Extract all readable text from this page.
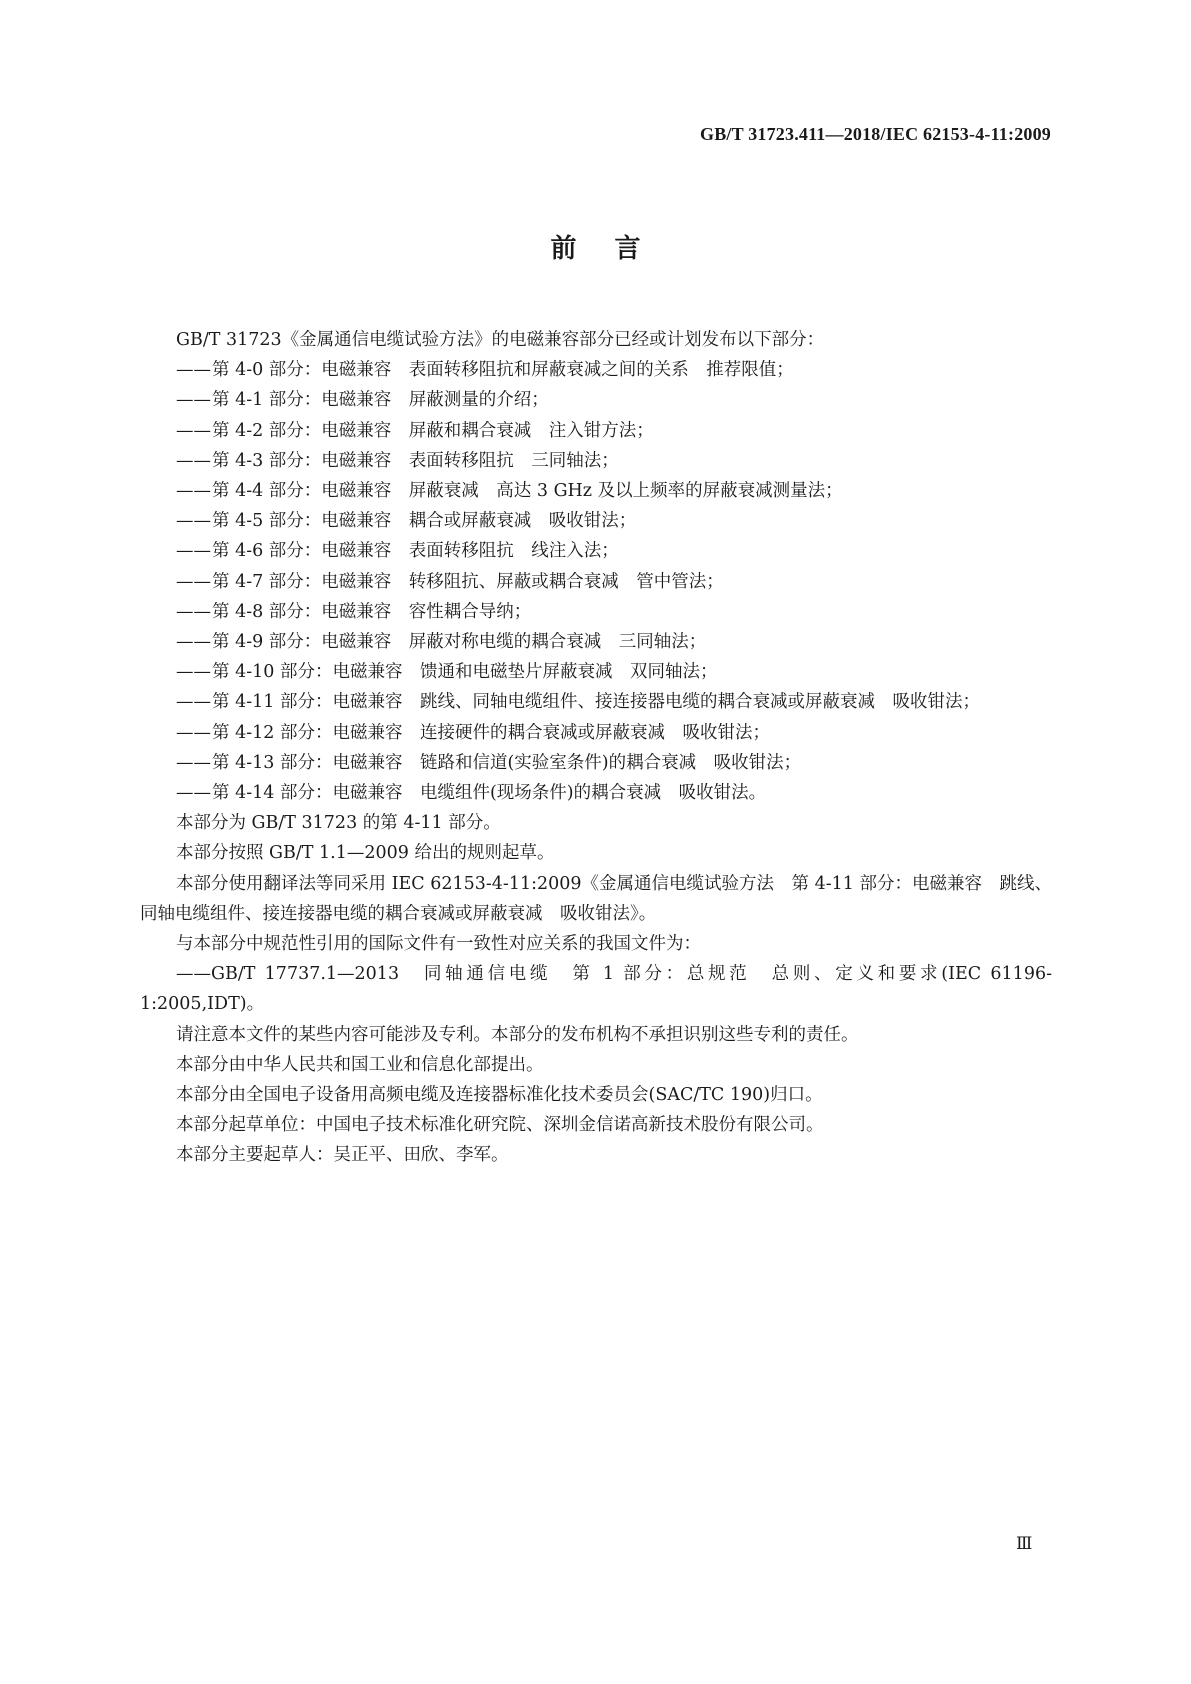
GB/T 31723.411—2018/IEC 62153-4-11:2009

前言

GB/T 31723《金属通信电缆试验方法》的电磁兼容部分已经或计划发布以下部分：

——第 4-0 部分：电磁兼容　表面转移阻抗和屏蔽衰减之间的关系　推荐限值；

——第 4-1 部分：电磁兼容　屏蔽测量的介绍；

——第 4-2 部分：电磁兼容　屏蔽和耦合衰减　注入钳方法；

——第 4-3 部分：电磁兼容　表面转移阻抗　三同轴法；

——第 4-4 部分：电磁兼容　屏蔽衰减　高达 3 GHz 及以上频率的屏蔽衰减测量法；

——第 4-5 部分：电磁兼容　耦合或屏蔽衰减　吸收钳法；

——第 4-6 部分：电磁兼容　表面转移阻抗　线注入法；

——第 4-7 部分：电磁兼容　转移阻抗、屏蔽或耦合衰减　管中管法；

——第 4-8 部分：电磁兼容　容性耦合导纳；

——第 4-9 部分：电磁兼容　屏蔽对称电缆的耦合衰减　三同轴法；

——第 4-10 部分：电磁兼容　馈通和电磁垫片屏蔽衰减　双同轴法；

——第 4-11 部分：电磁兼容　跳线、同轴电缆组件、接连接器电缆的耦合衰减或屏蔽衰减　吸收钳法；

——第 4-12 部分：电磁兼容　连接硬件的耦合衰减或屏蔽衰减　吸收钳法；

——第 4-13 部分：电磁兼容　链路和信道(实验室条件)的耦合衰减　吸收钳法；

——第 4-14 部分：电磁兼容　电缆组件(现场条件)的耦合衰减　吸收钳法。

本部分为 GB/T 31723 的第 4-11 部分。

本部分按照 GB/T 1.1—2009 给出的规则起草。

本部分使用翻译法等同采用 IEC 62153-4-11:2009《金属通信电缆试验方法　第 4-11 部分：电磁兼容　跳线、同轴电缆组件、接连接器电缆的耦合衰减或屏蔽衰减　吸收钳法》。

与本部分中规范性引用的国际文件有一致性对应关系的我国文件为：

——GB/T 17737.1—2013　同轴通信电缆　第 1 部分：总规范　总则、定义和要求(IEC 61196-1:2005,IDT)。

请注意本文件的某些内容可能涉及专利。本部分的发布机构不承担识别这些专利的责任。

本部分由中华人民共和国工业和信息化部提出。

本部分由全国电子设备用高频电缆及连接器标准化技术委员会(SAC/TC 190)归口。

本部分起草单位：中国电子技术标准化研究院、深圳金信诺高新技术股份有限公司。

本部分主要起草人：吴正平、田欣、李军。

Ⅲ
